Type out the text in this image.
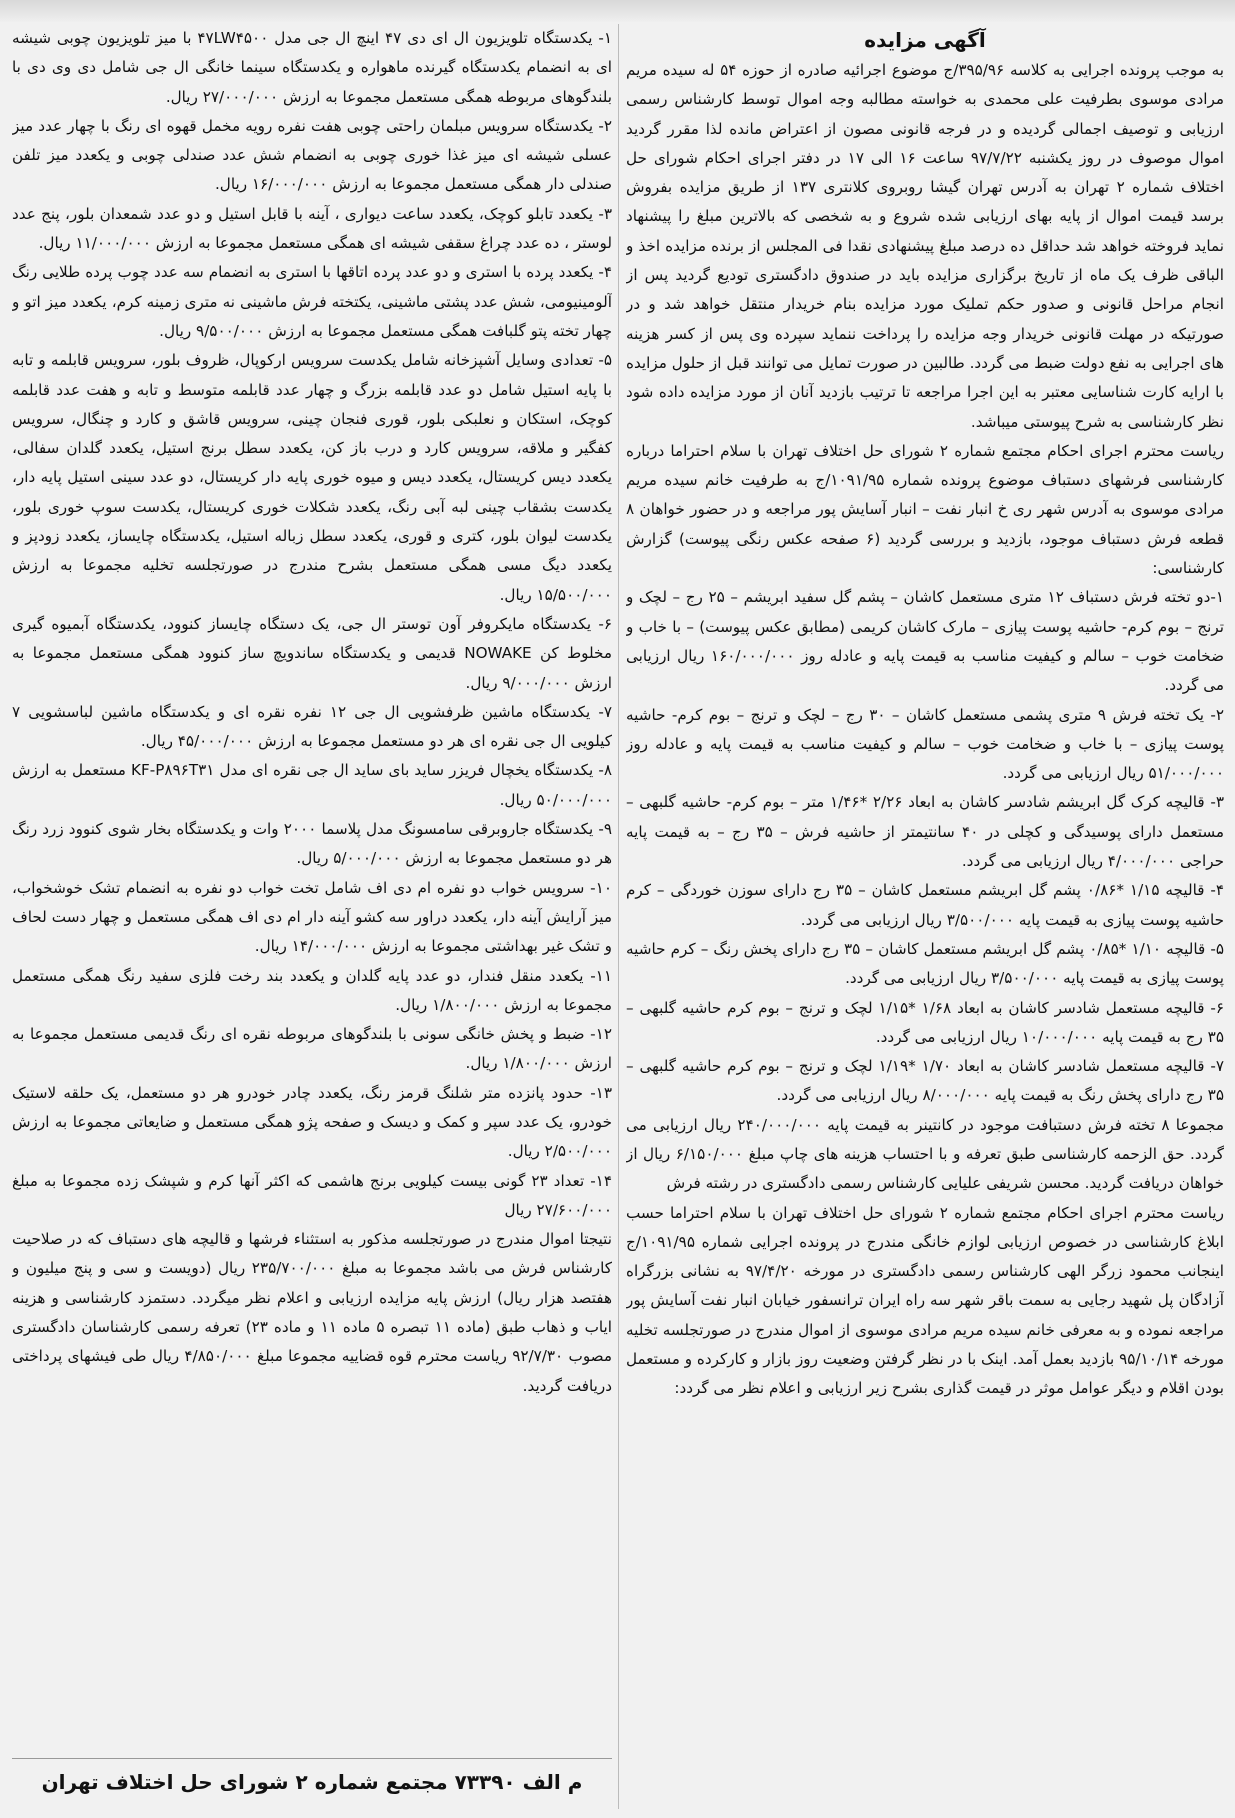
آگهی مزایده

به موجب پرونده اجرایی به کلاسه ۳۹۵/۹۶/ج موضوع اجرائیه صادره از حوزه ۵۴ له سیده مریم مرادی موسوی بطرفیت علی محمدی به خواسته مطالبه وجه اموال توسط کارشناس رسمی ارزیابی و توصیف اجمالی گردیده و در فرجه قانونی مصون از اعتراض مانده لذا مقرر گردید اموال موصوف در روز یکشنبه ۹۷/۷/۲۲ ساعت ۱۶ الی ۱۷ در دفتر اجرای احکام شورای حل اختلاف شماره ۲ تهران به آدرس تهران گیشا روبروی کلانتری ۱۳۷ از طریق مزایده بفروش برسد قیمت اموال از پایه بهای ارزیابی شده شروع و به شخصی که بالاترین مبلغ را پیشنهاد نماید فروخته خواهد شد حداقل ده درصد مبلغ پیشنهادی نقدا فی المجلس از برنده مزایده اخذ و الباقی ظرف یک ماه از تاریخ برگزاری مزایده باید در صندوق دادگستری تودیع گردید پس از انجام مراحل قانونی و صدور حکم تملیک مورد مزایده بنام خریدار منتقل خواهد شد و در صورتیکه در مهلت قانونی خریدار وجه مزایده را پرداخت ننماید سپرده وی پس از کسر هزینه های اجرایی به نفع دولت ضبط می گردد. طالبین در صورت تمایل می توانند قبل از حلول مزایده با ارایه کارت شناسایی معتبر به این اجرا مراجعه تا ترتیب بازدید آنان از مورد مزایده داده شود نظر کارشناسی به شرح پیوستی میباشد.

ریاست محترم اجرای احکام مجتمع شماره ۲ شورای حل اختلاف تهران با سلام احتراما درباره کارشناسی فرشهای دستباف موضوع پرونده شماره ۱۰۹۱/۹۵/ج به طرفیت خانم سیده مریم مرادی موسوی به آدرس شهر ری خ انبار نفت – انبار آسایش پور مراجعه و در حضور خواهان ۸ قطعه فرش دستباف موجود، بازدید و بررسی گردید (۶ صفحه عکس رنگی پیوست) گزارش کارشناسی:

۱-دو تخته فرش دستباف ۱۲ متری مستعمل کاشان – پشم گل سفید ابریشم – ۲۵ رج – لچک و ترنج – بوم کرم- حاشیه پوست پیازی – مارک کاشان کریمی (مطابق عکس پیوست) – با خاب و ضخامت خوب – سالم و کیفیت مناسب به قیمت پایه و عادله روز ۱۶۰/۰۰۰/۰۰۰ ریال ارزیابی می گردد.

۲- یک تخته فرش ۹ متری پشمی مستعمل کاشان – ۳۰ رج – لچک و ترنج – بوم کرم- حاشیه پوست پیازی – با خاب و ضخامت خوب – سالم و کیفیت مناسب به قیمت پایه و عادله روز ۵۱/۰۰۰/۰۰۰ ریال ارزیابی می گردد.

۳- قالیچه کرک گل ابریشم شادسر کاشان به ابعاد ۲/۲۶ *۱/۴۶ متر – بوم کرم- حاشیه گلبهی – مستعمل دارای پوسیدگی و کچلی در ۴۰ سانتیمتر از حاشیه فرش – ۳۵ رج – به قیمت پایه حراجی ۴/۰۰۰/۰۰۰ ریال ارزیابی می گردد.

۴- قالیچه ۱/۱۵ *۰/۸۶ پشم گل ابریشم مستعمل کاشان – ۳۵ رج دارای سوزن خوردگی – کرم حاشیه پوست پیازی به قیمت پایه ۳/۵۰۰/۰۰۰ ریال ارزیابی می گردد.

۵- قالیچه ۱/۱۰ *۰/۸۵ پشم گل ابریشم مستعمل کاشان – ۳۵ رج دارای پخش رنگ – کرم حاشیه پوست پیازی به قیمت پایه ۳/۵۰۰/۰۰۰ ریال ارزیابی می گردد.

۶- قالیچه مستعمل شادسر کاشان به ابعاد ۱/۶۸ *۱/۱۵ لچک و ترنج – بوم کرم حاشیه گلبهی – ۳۵ رج به قیمت پایه ۱۰/۰۰۰/۰۰۰ ریال ارزیابی می گردد.

۷- قالیچه مستعمل شادسر کاشان به ابعاد ۱/۷۰ *۱/۱۹ لچک و ترنج – بوم کرم حاشیه گلبهی – ۳۵ رج دارای پخش رنگ به قیمت پایه ۸/۰۰۰/۰۰۰ ریال ارزیابی می گردد.

مجموعا ۸ تخته فرش دستبافت موجود در کانتینر به قیمت پایه ۲۴۰/۰۰۰/۰۰۰ ریال ارزیابی می گردد. حق الزحمه کارشناسی طبق تعرفه و با احتساب هزینه های چاپ مبلغ ۶/۱۵۰/۰۰۰ ریال از خواهان دریافت گردید. محسن شریفی علیایی کارشناس رسمی دادگستری در رشته فرش

ریاست محترم اجرای احکام مجتمع شماره ۲ شورای حل اختلاف تهران با سلام احتراما حسب ابلاغ کارشناسی در خصوص ارزیابی لوازم خانگی مندرج در پرونده اجرایی شماره ۱۰۹۱/۹۵/ج اینجانب محمود زرگر الهی کارشناس رسمی دادگستری در مورخه ۹۷/۴/۲۰ به نشانی بزرگراه آزادگان پل شهید رجایی به سمت باقر شهر سه راه ایران ترانسفور خیابان انبار نفت آسایش پور مراجعه نموده و به معرفی خانم سیده مریم مرادی موسوی از اموال مندرج در صورتجلسه تخلیه مورخه ۹۵/۱۰/۱۴ بازدید بعمل آمد. اینک با در نظر گرفتن وضعیت روز بازار و کارکرده و مستعمل بودن اقلام و دیگر عوامل موثر در قیمت گذاری بشرح زیر ارزیابی و اعلام نظر می گردد:

۱- یکدستگاه تلویزیون ال ای دی ۴۷ اینچ ال جی مدل ۴۷LW۴۵۰۰ با میز تلویزیون چوبی شیشه ای به انضمام یکدستگاه گیرنده ماهواره و یکدستگاه سینما خانگی ال جی شامل دی وی دی با بلندگوهای مربوطه همگی مستعمل مجموعا به ارزش ۲۷/۰۰۰/۰۰۰ ریال.

۲- یکدستگاه سرویس مبلمان راحتی چوبی هفت نفره رویه مخمل قهوه ای رنگ با چهار عدد میز عسلی شیشه ای میز غذا خوری چوبی به انضمام شش عدد صندلی چوبی و یکعدد میز تلفن صندلی دار همگی مستعمل مجموعا به ارزش ۱۶/۰۰۰/۰۰۰ ریال.

۳- یکعدد تابلو کوچک، یکعدد ساعت دیواری ، آینه با قابل استیل و دو عدد شمعدان بلور، پنج عدد لوستر ، ده عدد چراغ سقفی شیشه ای همگی مستعمل مجموعا به ارزش ۱۱/۰۰۰/۰۰۰ ریال.

۴- یکعدد پرده با استری و دو عدد پرده اتاقها با استری به انضمام سه عدد چوب پرده طلایی رنگ آلومینیومی، شش عدد پشتی ماشینی، یکتخته فرش ماشینی نه متری زمینه کرم، یکعدد میز اتو و چهار تخته پتو گلبافت همگی مستعمل مجموعا به ارزش ۹/۵۰۰/۰۰۰ ریال.

۵- تعدادی وسایل آشپزخانه شامل یکدست سرویس ارکوپال، ظروف بلور، سرویس قابلمه و تابه با پایه استیل شامل دو عدد قابلمه بزرگ و چهار عدد قابلمه متوسط و تابه و هفت عدد قابلمه کوچک، استکان و نعلبکی بلور، قوری فنجان چینی، سرویس قاشق و کارد و چنگال، سرویس کفگیر و ملاقه، سرویس کارد و درب باز کن، یکعدد سطل برنج استیل، یکعدد گلدان سفالی، یکعدد دیس کریستال، یکعدد دیس و میوه خوری پایه دار کریستال، دو عدد سینی استیل پایه دار، یکدست بشقاب چینی لبه آبی رنگ، یکعدد شکلات خوری کریستال، یکدست سوپ خوری بلور، یکدست لیوان بلور، کتری و قوری، یکعدد سطل زباله استیل، یکدستگاه چایساز، یکعدد زودپز و یکعدد دیگ مسی همگی مستعمل بشرح مندرج در صورتجلسه تخلیه مجموعا به ارزش ۱۵/۵۰۰/۰۰۰ ریال.

۶- یکدستگاه مایکروفر آون توستر ال جی، یک دستگاه چایساز کنوود، یکدستگاه آبمیوه گیری مخلوط کن NOWAKE قدیمی و یکدستگاه ساندویچ ساز کنوود همگی مستعمل مجموعا به ارزش ۹/۰۰۰/۰۰۰ ریال.

۷- یکدستگاه ماشین ظرفشویی ال جی ۱۲ نفره نقره ای و یکدستگاه ماشین لباسشویی ۷ کیلویی ال جی نقره ای هر دو مستعمل مجموعا به ارزش ۴۵/۰۰۰/۰۰۰ ریال.

۸- یکدستگاه یخچال فریزر ساید بای ساید ال جی نقره ای مدل KF-P۸۹۶T۳۱ مستعمل به ارزش ۵۰/۰۰۰/۰۰۰ ریال.

۹- یکدستگاه جاروبرقی سامسونگ مدل پلاسما ۲۰۰۰ وات و یکدستگاه بخار شوی کنوود زرد رنگ هر دو مستعمل مجموعا به ارزش ۵/۰۰۰/۰۰۰ ریال.

۱۰- سرویس خواب دو نفره ام دی اف شامل تخت خواب دو نفره به انضمام تشک خوشخواب، میز آرایش آینه دار، یکعدد دراور سه کشو آینه دار ام دی اف همگی مستعمل و چهار دست لحاف و تشک غیر بهداشتی مجموعا به ارزش ۱۴/۰۰۰/۰۰۰ ریال.

۱۱- یکعدد منقل فندار، دو عدد پایه گلدان و یکعدد بند رخت فلزی سفید رنگ همگی مستعمل مجموعا به ارزش ۱/۸۰۰/۰۰۰ ریال.

۱۲- ضبط و پخش خانگی سونی با بلندگوهای مربوطه نقره ای رنگ قدیمی مستعمل مجموعا به ارزش ۱/۸۰۰/۰۰۰ ریال.

۱۳- حدود پانزده متر شلنگ قرمز رنگ، یکعدد چادر خودرو هر دو مستعمل، یک حلقه لاستیک خودرو، یک عدد سپر و کمک و دیسک و صفحه پژو همگی مستعمل و ضایعاتی مجموعا به ارزش ۲/۵۰۰/۰۰۰ ریال.

۱۴- تعداد ۲۳ گونی بیست کیلویی برنج هاشمی که اکثر آنها کرم و شپشک زده مجموعا به مبلغ ۲۷/۶۰۰/۰۰۰ ریال

نتیجتا اموال مندرج در صورتجلسه مذکور به استثناء فرشها و قالیچه های دستباف که در صلاحیت کارشناس فرش می باشد مجموعا به مبلغ ۲۳۵/۷۰۰/۰۰۰ ریال (دویست و سی و پنج میلیون و هفتصد هزار ریال) ارزش پایه مزایده ارزیابی و اعلام نظر میگردد. دستمزد کارشناسی و هزینه ایاب و ذهاب طبق (ماده ۱۱ تبصره ۵ ماده ۱۱ و ماده ۲۳) تعرفه رسمی کارشناسان دادگستری مصوب ۹۲/۷/۳۰ ریاست محترم قوه قضاییه مجموعا مبلغ ۴/۸۵۰/۰۰۰ ریال طی فیشهای پرداختی دریافت گردید.

م الف ۷۳۳۹۰ مجتمع شماره ۲ شورای حل اختلاف تهران
